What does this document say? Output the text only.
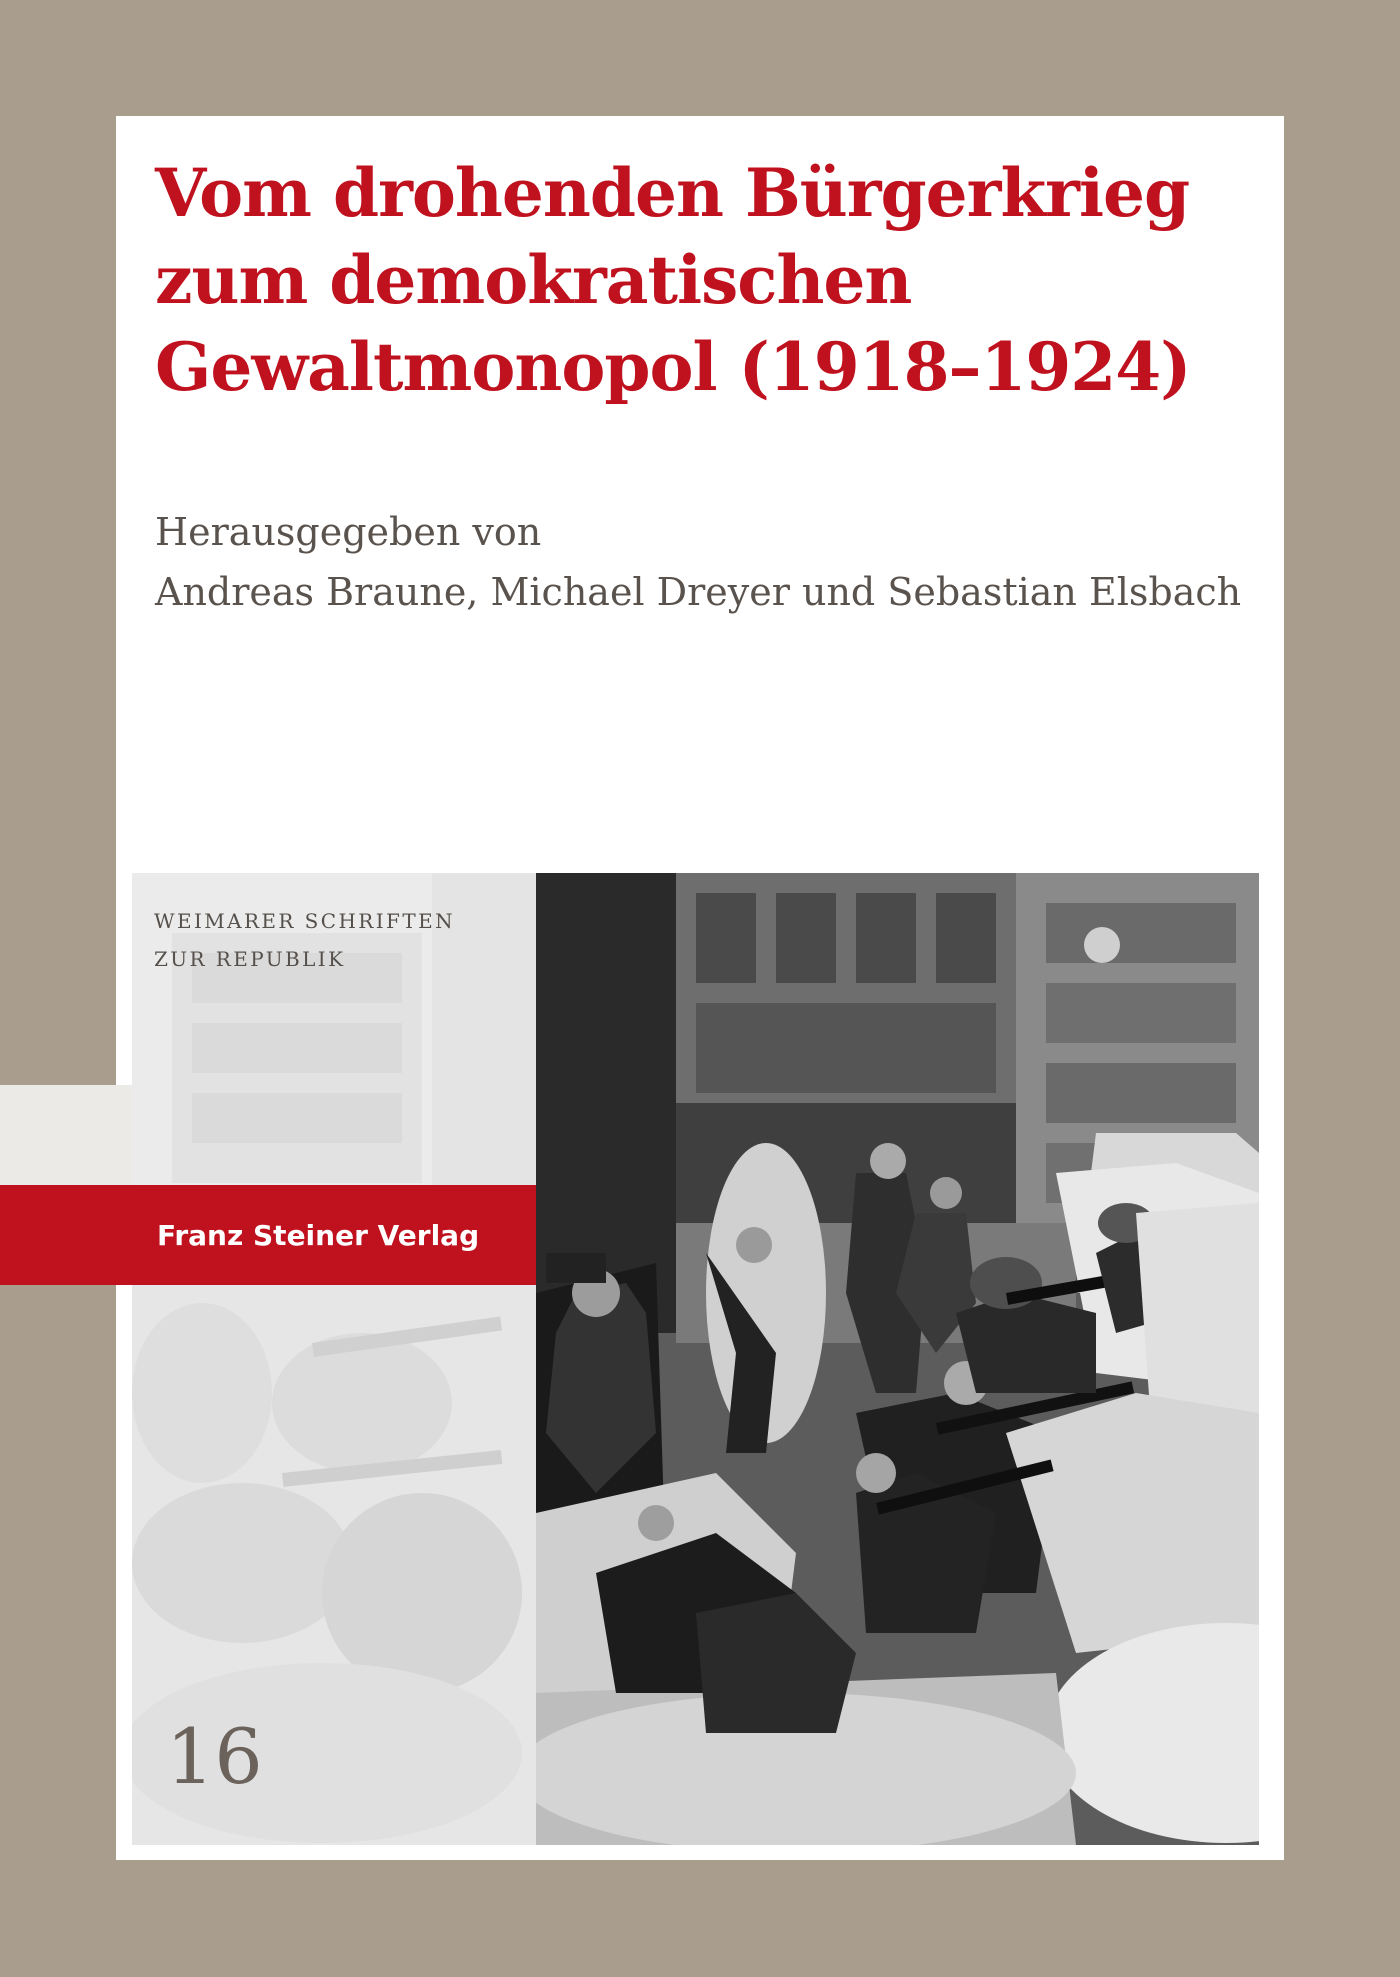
Vom drohenden Bürgerkrieg
zum demokratischen
Gewaltmonopol (1918–1924)
Herausgegeben von
Andreas Braune, Michael Dreyer und Sebastian Elsbach
WEIMARER SCHRIFTEN
ZUR REPUBLIK
Franz Steiner Verlag
16
